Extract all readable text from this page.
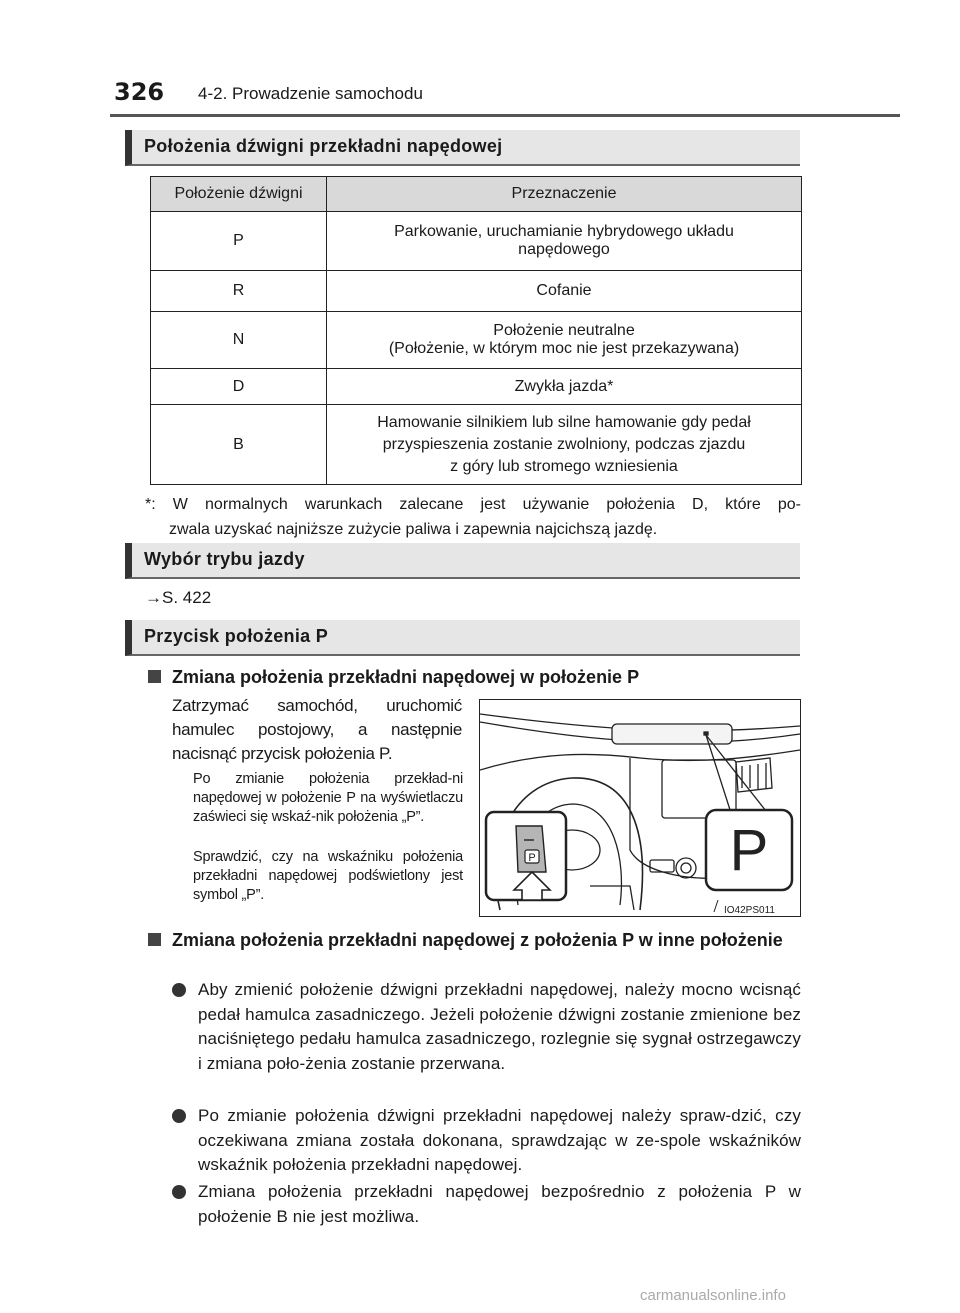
326 4-2. Prowadzenie samochodu
Położenia dźwigni przekładni napędowej
Położenie dźwigni	Przeznaczenie
P	Parkowanie, uruchamianie hybrydowego układu
napędowego

R	Cofanie

N	Położenie neutralne
(Położenie, w którym moc nie jest przekazywana)

D	Zwykła jazda*

B	Hamowanie silnikiem lub silne hamowanie gdy pedał
przyspieszenia zostanie zwolniony, podczas zjazdu
z góry lub stromego wzniesienia
*: W normalnych warunkach zalecane jest używanie położenia D, które po-
zwala uzyskać najniższe zużycie paliwa i zapewnia najcichszą jazdę.
Wybór trybu jazdy
→S. 422
Przycisk położenia P
Zmiana położenia przekładni napędowej w położenie P
Zatrzymać samochód, uruchomić hamulec postojowy, a następnie nacisnąć przycisk położenia P.
Po zmianie położenia przekład-ni napędowej w położenie P na wyświetlaczu zaświeci się wskaź-nik położenia „P”.
Sprawdzić, czy na wskaźniku położenia przekładni napędowej podświetlony jest symbol „P”.
P
P
IO42PS011
Zmiana położenia przekładni napędowej z położenia P w inne położenie
Aby zmienić położenie dźwigni przekładni napędowej, należy mocno wcisnąć pedał hamulca zasadniczego. Jeżeli położenie dźwigni zostanie zmienione bez naciśniętego pedału hamulca zasadniczego, rozlegnie się sygnał ostrzegawczy i zmiana poło-żenia zostanie przerwana.
Po zmianie położenia dźwigni przekładni napędowej należy spraw-dzić, czy oczekiwana zmiana została dokonana, sprawdzając w ze-spole wskaźników wskaźnik położenia przekładni napędowej.
Zmiana położenia przekładni napędowej bezpośrednio z położenia P w położenie B nie jest możliwa.
carmanualsonline.info
